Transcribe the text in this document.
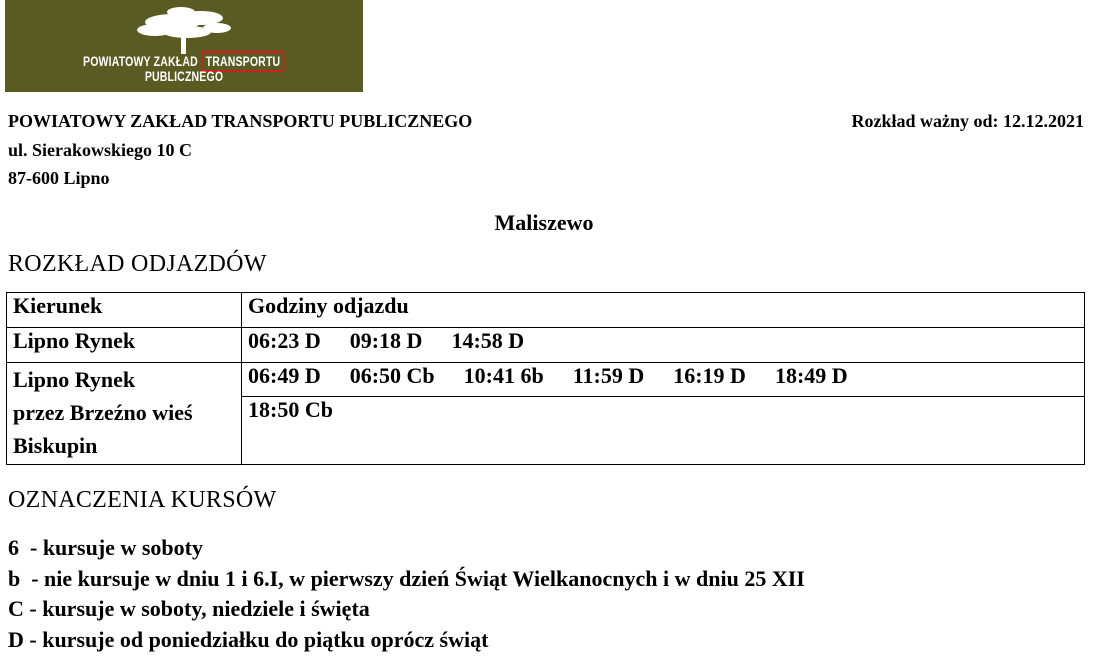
POWIATOWY ZAKŁAD TRANSPORTU PUBLICZNEGO
POWIATOWY ZAKŁAD TRANSPORTU PUBLICZNEGO
ul. Sierakowskiego 10 C
87-600 Lipno
Rozkład ważny od: 12.12.2021
Maliszewo
ROZKŁAD ODJAZDÓW
Kierunek	Godziny odjazdu
Lipno Rynek	06:23 D 09:18 D 14:58 D

Lipno Rynek
przez Brzeźno wieś
Biskupin	06:49 D 06:50 Cb 10:41 6b 11:59 D 16:19 D 18:49 D
	18:50 Cb
OZNACZENIA KURSÓW
6  - kursuje w soboty
b  - nie kursuje w dniu 1 i 6.I, w pierwszy dzień Świąt Wielkanocnych i w dniu 25 XII
C - kursuje w soboty, niedziele i święta
D - kursuje od poniedziałku do piątku oprócz świąt
